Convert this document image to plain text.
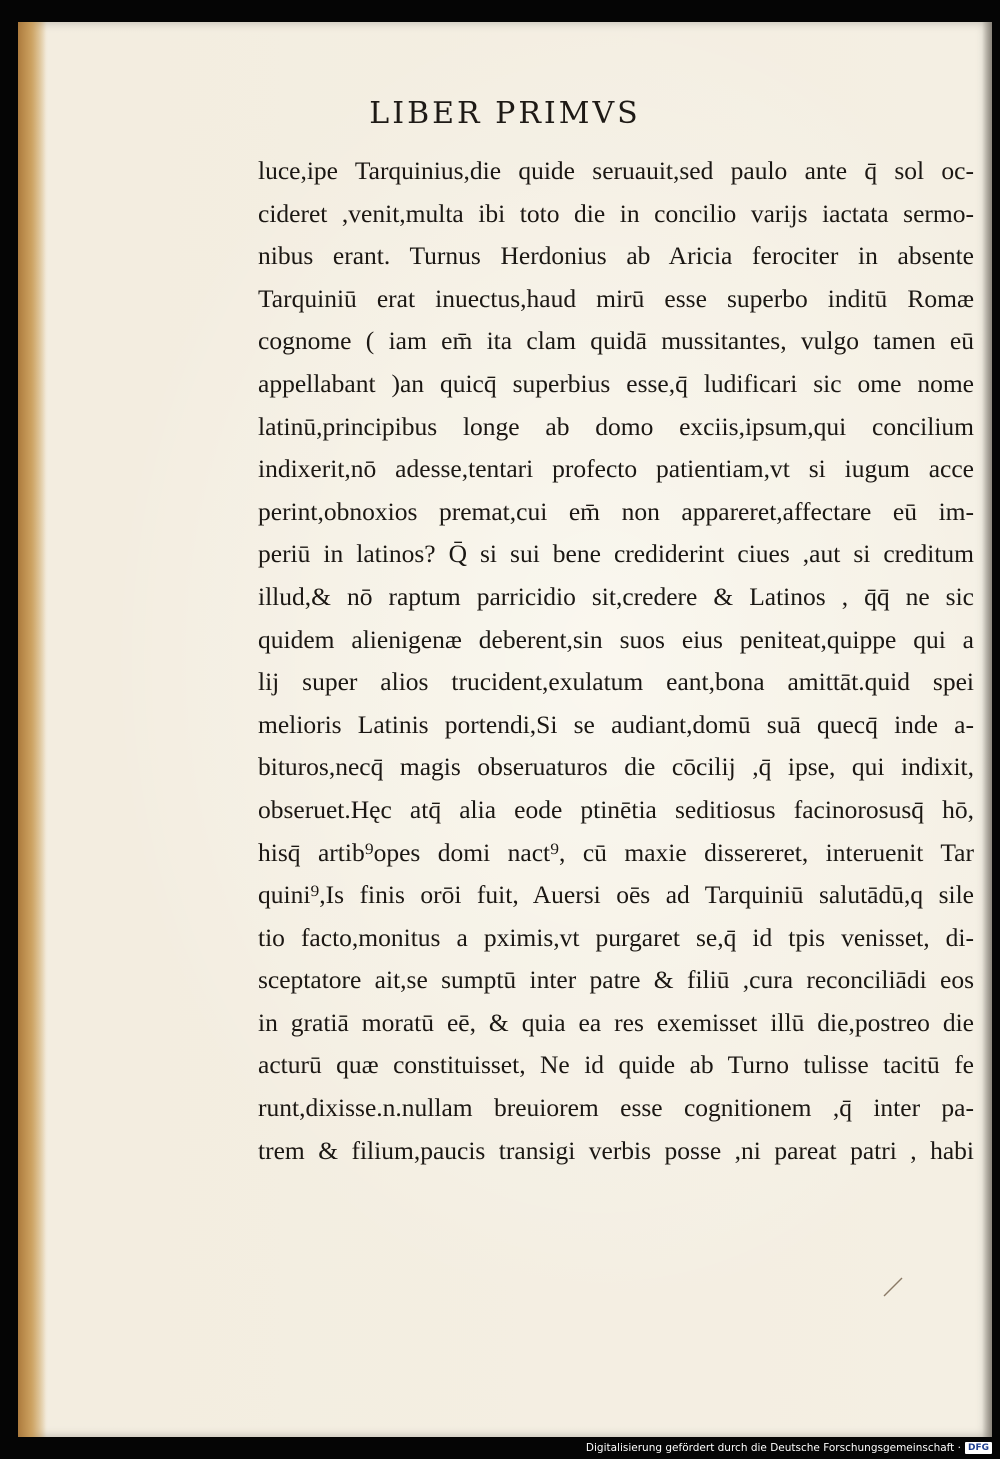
LIBER PRIMVS
luce,ipe Tarquinius,die quide seruauit,sed paulo ante q̄ sol oc-
cideret ,venit,multa ibi toto die in concilio varijs iactata sermo-
nibus erant. Turnus Herdonius ab Aricia ferociter in absente
Tarquiniū erat inuectus,haud mirū esse superbo inditū Romæ
cognome ( iam em̄ ita clam quidā mussitantes, vulgo tamen eū
appellabant )an quicq̄ superbius esse,q̄ ludificari sic ome nome
latinū,principibus longe ab domo exciis,ipsum,qui concilium
indixerit,nō adesse,tentari profecto patientiam,vt si iugum acce
perint,obnoxios premat,cui em̄ non appareret,affectare eū im-
periū in latinos? Q̄ si sui bene crediderint ciues ,aut si creditum
illud,& nō raptum parricidio sit,credere & Latinos , q̄q̄ ne sic
quidem alienigenæ deberent,sin suos eius peniteat,quippe qui a
lij super alios trucident,exulatum eant,bona amittāt.quid spei
melioris Latinis portendi,Si se audiant,domū suā quecq̄ inde a-
bituros,necq̄ magis obseruaturos die cōcilij ,q̄ ipse, qui indixit,
obseruet.Hęc atq̄ alia eode ptinētia seditiosus facinorosusq̄ hō,
hisq̄ artib⁹opes domi nact⁹, cū maxie dissereret, interuenit Tar
quini⁹,Is finis orōi fuit, Auersi oēs ad Tarquiniū salutādū,q sile
tio facto,monitus a pximis,vt purgaret se,q̄ id tpis venisset, di-
sceptatore ait,se sumptū inter patre & filiū ,cura reconciliādi eos
in gratiā moratū eē, & quia ea res exemisset illū die,postreo die
acturū quæ constituisset, Ne id quide ab Turno tulisse tacitū fe
runt,dixisse.n.nullam breuiorem esse cognitionem ,q̄ inter pa-
trem & filium,paucis transigi verbis posse ,ni pareat patri , habi
Digitalisierung gefördert durch die Deutsche Forschungsgemeinschaft · DFG
